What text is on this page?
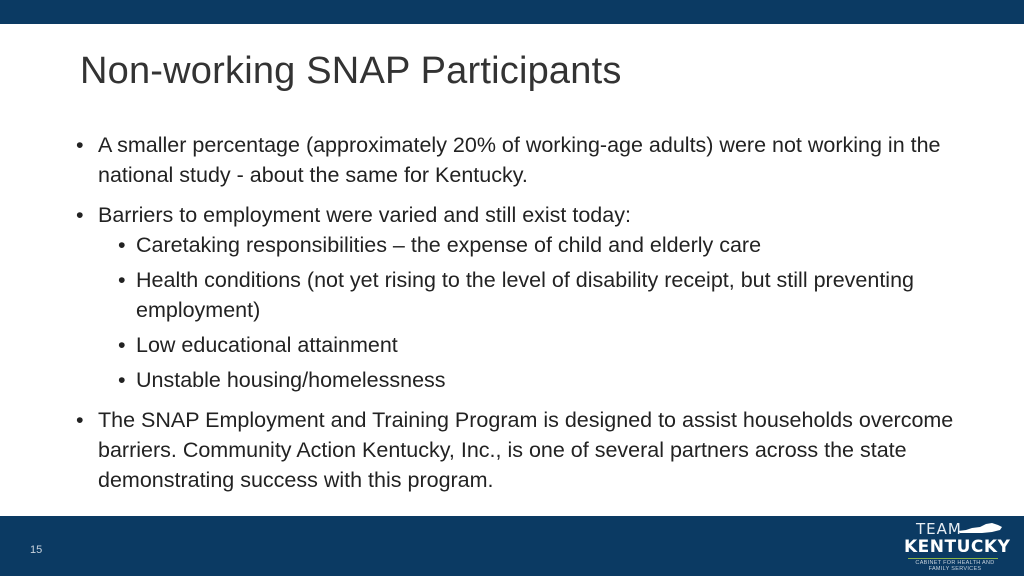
Non-working SNAP Participants
• A smaller percentage (approximately 20% of working-age adults) were not working in the national study - about the same for Kentucky.
• Barriers to employment were varied and still exist today:
• Caretaking responsibilities – the expense of child and elderly care
• Health conditions (not yet rising to the level of disability receipt, but still preventing employment)
• Low educational attainment
• Unstable housing/homelessness
• The SNAP Employment and Training Program is designed to assist households overcome barriers. Community Action Kentucky, Inc., is one of several partners across the state demonstrating success with this program.
15
TEAM
KENTUCKY
CABINET FOR HEALTH AND FAMILY SERVICES
